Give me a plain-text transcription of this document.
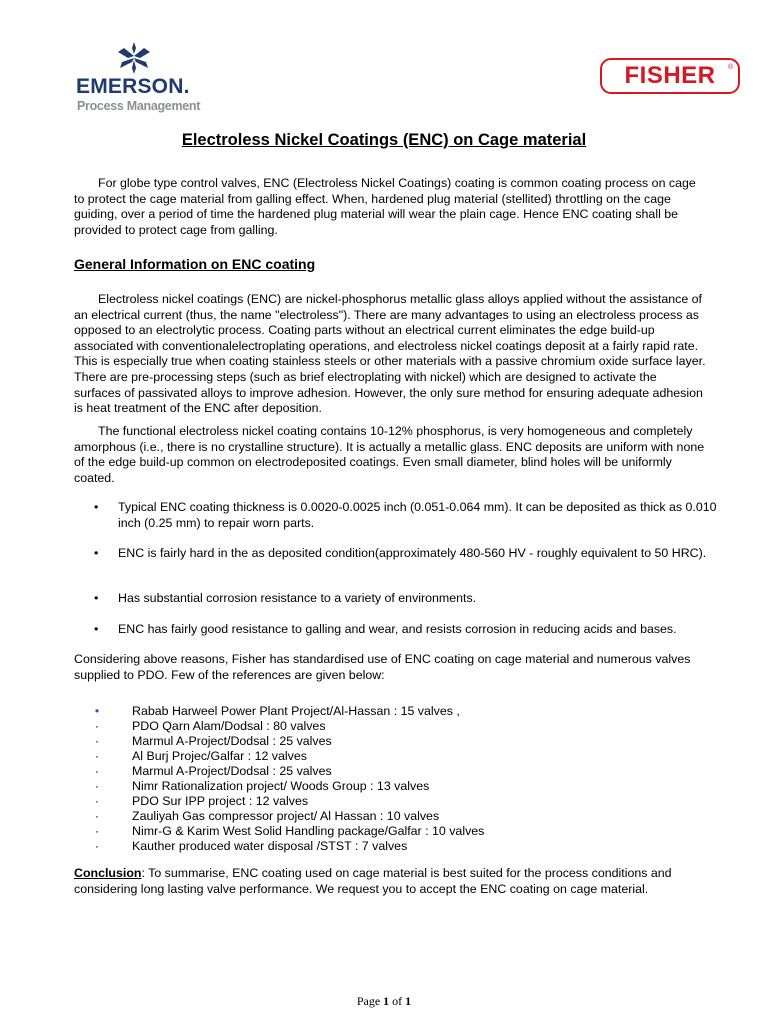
EMERSON.
Process Management
FISHER	®
Electroless Nickel Coatings (ENC) on Cage material
For globe type control valves, ENC (Electroless Nickel Coatings) coating is common coating process on cage to protect the cage material from galling effect. When, hardened plug material (stellited) throttling on the cage guiding, over a period of time the hardened plug material will wear the plain cage. Hence ENC coating shall be provided to protect cage from galling.
General Information on ENC coating
Electroless nickel coatings (ENC) are nickel-phosphorus metallic glass alloys applied without the assistance of an electrical current (thus, the name "electroless"). There are many advantages to using an electroless process as opposed to an electrolytic process. Coating parts without an electrical current eliminates the edge build-up associated with conventionalelectroplating operations, and electroless nickel coatings deposit at a fairly rapid rate. This is especially true when coating stainless steels or other materials with a passive chromium oxide surface layer. There are pre-processing steps (such as brief electroplating with nickel) which are designed to activate the surfaces of passivated alloys to improve adhesion. However, the only sure method for ensuring adequate adhesion is heat treatment of the ENC after deposition.
The functional electroless nickel coating contains 10-12% phosphorus, is very homogeneous and completely amorphous (i.e., there is no crystalline structure). It is actually a metallic glass. ENC deposits are uniform with none of the edge build-up common on electrodeposited coatings. Even small diameter, blind holes will be uniformly coated.
• Typical ENC coating thickness is 0.0020-0.0025 inch (0.051-0.064 mm). It can be deposited as thick as 0.010 inch (0.25 mm) to repair worn parts.
• ENC is fairly hard in the as deposited condition(approximately 480-560 HV - roughly equivalent to 50 HRC).
• Has substantial corrosion resistance to a variety of environments.
• ENC has fairly good resistance to galling and wear, and resists corrosion in reducing acids and bases.
Considering above reasons, Fisher has standardised use of ENC coating on cage material and numerous valves supplied to PDO. Few of the references are given below:
•	Rabab Harweel Power Plant Project/Al-Hassan : 15 valves ,
·	PDO Qarn Alam/Dodsal : 80 valves
·	Marmul A-Project/Dodsal : 25 valves
·	Al Burj Projec/Galfar : 12 valves
·	Marmul A-Project/Dodsal : 25 valves
·	Nimr Rationalization project/ Woods Group : 13 valves
·	PDO Sur IPP project : 12 valves
·	Zauliyah Gas compressor project/ Al Hassan : 10 valves
·	Nimr-G & Karim West Solid Handling package/Galfar : 10 valves
·	Kauther produced water disposal /STST : 7 valves
Conclusion: To summarise, ENC coating used on cage material is best suited for the process conditions and considering long lasting valve performance. We request you to accept the ENC coating on cage material.
Page 1 of 1
